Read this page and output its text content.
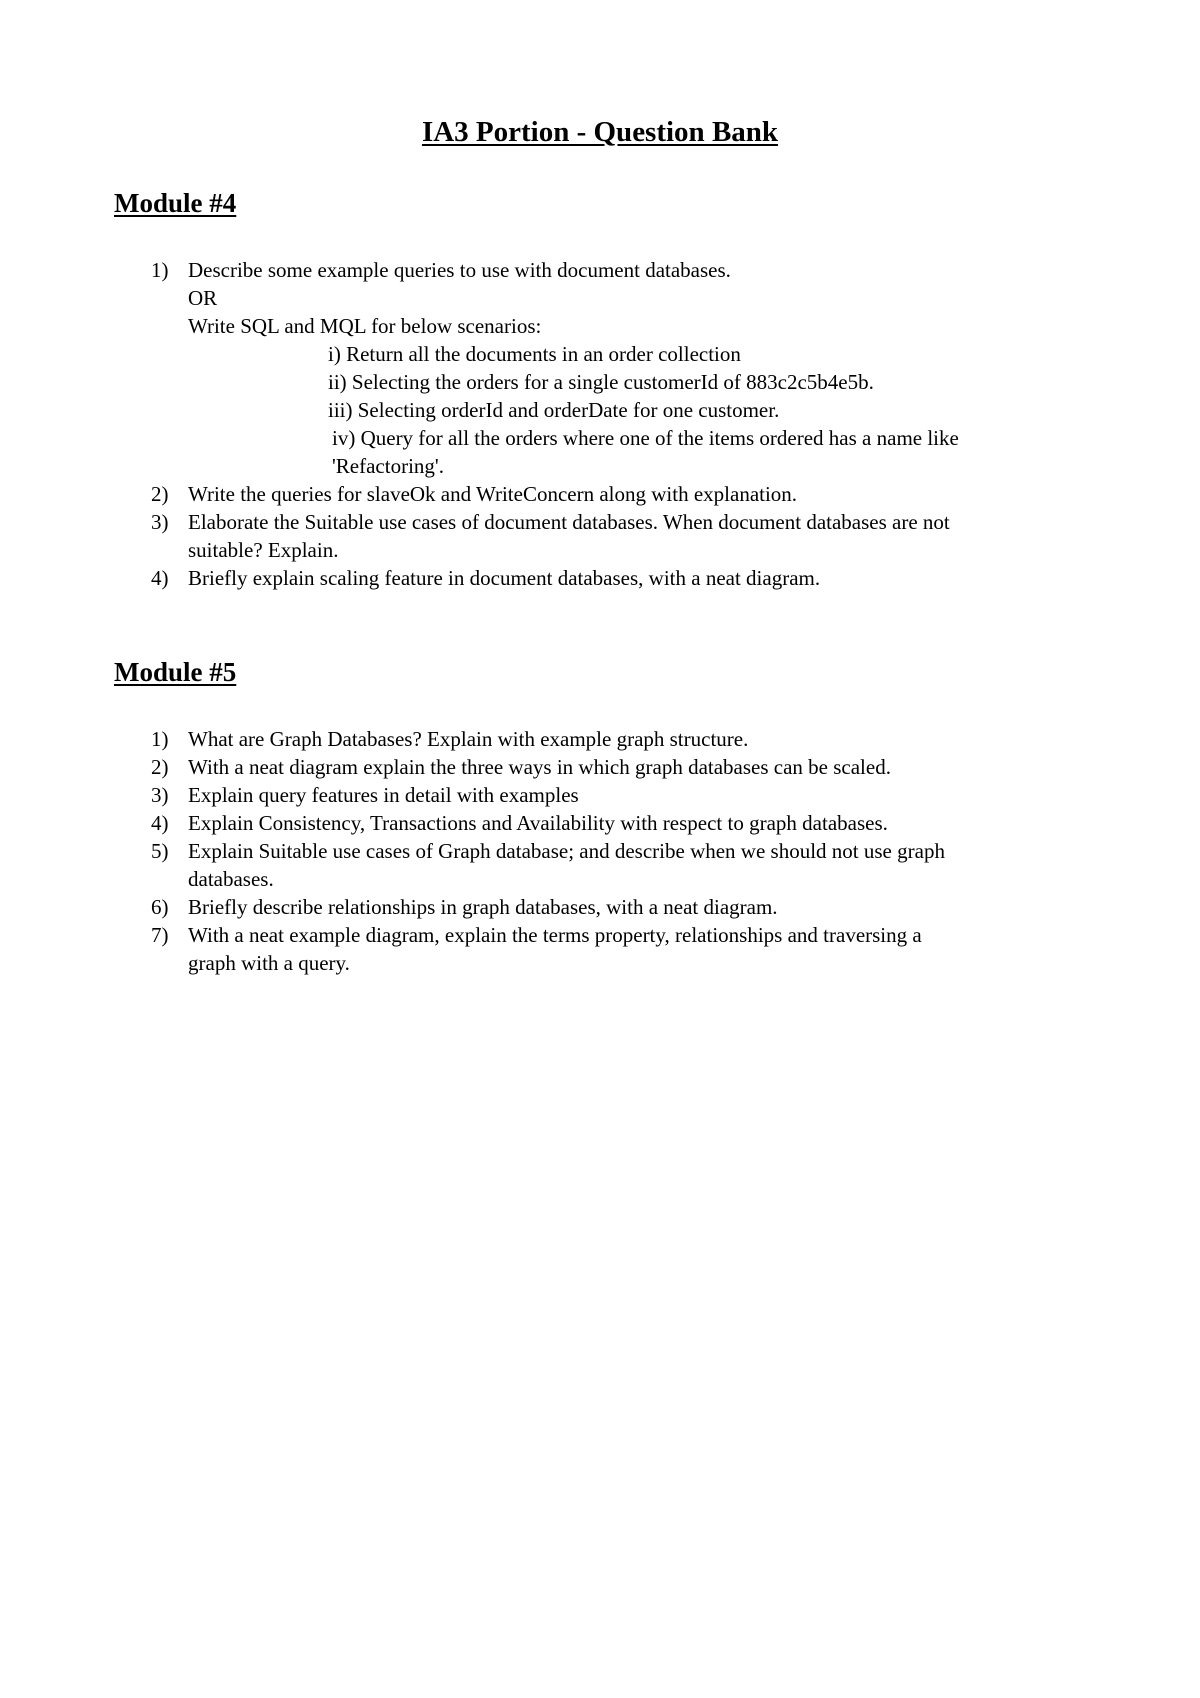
IA3 Portion - Question Bank
Module #4
1) Describe some example queries to use with document databases.
OR
Write SQL and MQL for below scenarios:
i) Return all the documents in an order collection
ii) Selecting the orders for a single customerId of 883c2c5b4e5b.
iii) Selecting orderId and orderDate for one customer.
iv) Query for all the orders where one of the items ordered has a name like
'Refactoring'.
2) Write the queries for slaveOk and WriteConcern along with explanation.
3) Elaborate the Suitable use cases of document databases. When document databases are not
suitable? Explain.
4) Briefly explain scaling feature in document databases, with a neat diagram.
Module #5
1) What are Graph Databases? Explain with example graph structure.
2) With a neat diagram explain the three ways in which graph databases can be scaled.
3) Explain query features in detail with examples
4) Explain Consistency, Transactions and Availability with respect to graph databases.
5) Explain Suitable use cases of Graph database; and describe when we should not use graph
databases.
6) Briefly describe relationships in graph databases, with a neat diagram.
7) With a neat example diagram, explain the terms property, relationships and traversing a
graph with a query.
